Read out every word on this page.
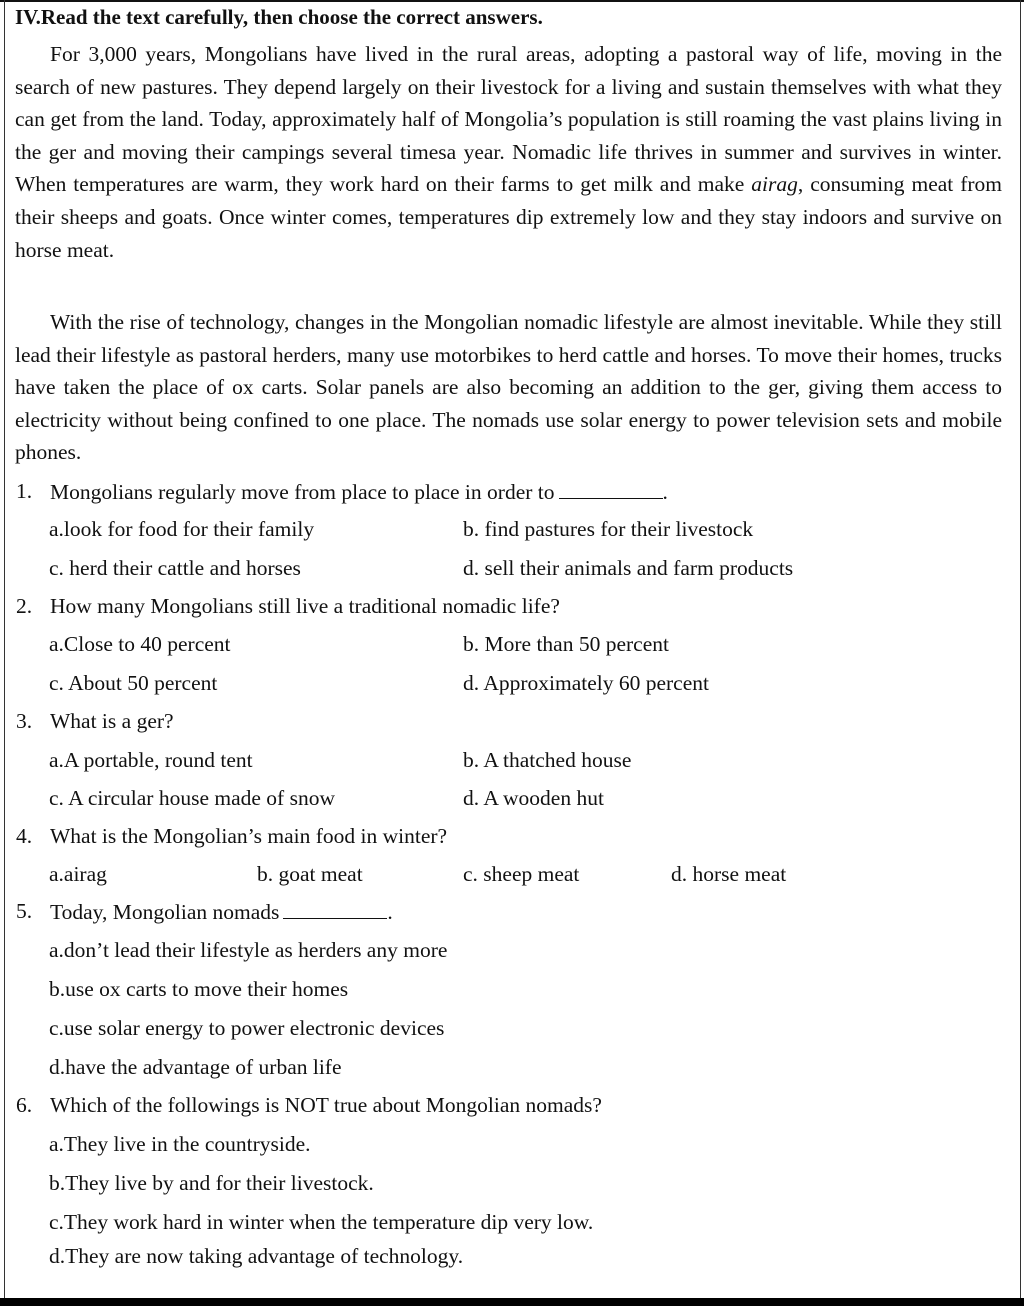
IV.Read the text carefully, then choose the correct answers.

For 3,000 years, Mongolians have lived in the rural areas, adopting a pastoral way of life, moving in the search of new pastures. They depend largely on their livestock for a living and sustain themselves with what they can get from the land. Today, approximately half of Mongolia’s population is still roaming the vast plains living in the ger and moving their campings several timesa year. Nomadic life thrives in summer and survives in winter. When temperatures are warm, they work hard on their farms to get milk and make airag, consuming meat from their sheeps and goats. Once winter comes, temperatures dip extremely low and they stay indoors and survive on horse meat.

With the rise of technology, changes in the Mongolian nomadic lifestyle are almost inevitable. While they still lead their lifestyle as pastoral herders, many use motorbikes to herd cattle and horses. To move their homes, trucks have taken the place of ox carts. Solar panels are also becoming an addition to the ger, giving them access to electricity without being confined to one place. The nomads use solar energy to power television sets and mobile phones.

1. Mongolians regularly move from place to place in order to	.
a.look for food for their family	b. find pastures for their livestock
c. herd their cattle and horses	d. sell their animals and farm products
2. How many Mongolians still live a traditional nomadic life?
a.Close to 40 percent	b. More than 50 percent
c. About 50 percent	d. Approximately 60 percent
3. What is a ger?
a.A portable, round tent	b. A thatched house
c. A circular house made of snow	d. A wooden hut
4. What is the Mongolian’s main food in winter?
a.airag	b. goat meat	c. sheep meat	d. horse meat
5. Today, Mongolian nomads	.
a.don’t lead their lifestyle as herders any more
b.use ox carts to move their homes
c.use solar energy to power electronic devices
d.have the advantage of urban life
6. Which of the followings is NOT true about Mongolian nomads?
a.They live in the countryside.
b.They live by and for their livestock.
c.They work hard in winter when the temperature dip very low.
d.They are now taking advantage of technology.
